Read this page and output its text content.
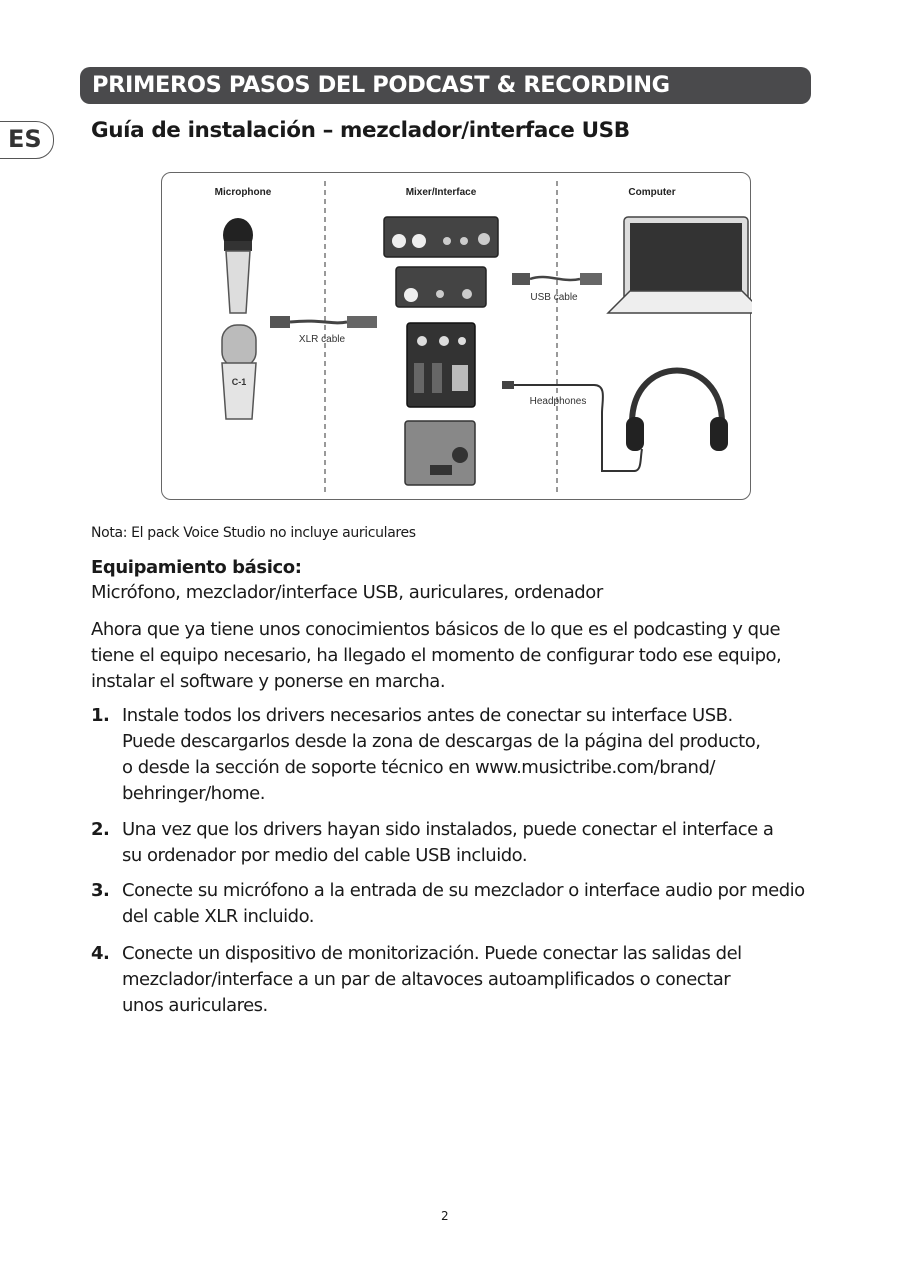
PRIMEROS PASOS DEL PODCAST & RECORDING
ES Guía de instalación – mezclador/interface USB
Microphone	Mixer/Interface	Computer
C-1
XLR cable
USB cable
Headphones
Nota: El pack Voice Studio no incluye auriculares
Equipamiento básico:
Micrófono, mezclador/interface USB, auriculares, ordenador
Ahora que ya tiene unos conocimientos básicos de lo que es el podcasting y que
tiene el equipo necesario, ha llegado el momento de configurar todo ese equipo,
instalar el software y ponerse en marcha.
1. Instale todos los drivers necesarios antes de conectar su interface USB.
Puede descargarlos desde la zona de descargas de la página del producto,
o desde la sección de soporte técnico en www.musictribe.com/brand/
behringer/home.
2. Una vez que los drivers hayan sido instalados, puede conectar el interface a
su ordenador por medio del cable USB incluido.
3. Conecte su micrófono a la entrada de su mezclador o interface audio por medio
del cable XLR incluido.
4. Conecte un dispositivo de monitorización. Puede conectar las salidas del
mezclador/interface a un par de altavoces autoamplificados o conectar
unos auriculares.
2
